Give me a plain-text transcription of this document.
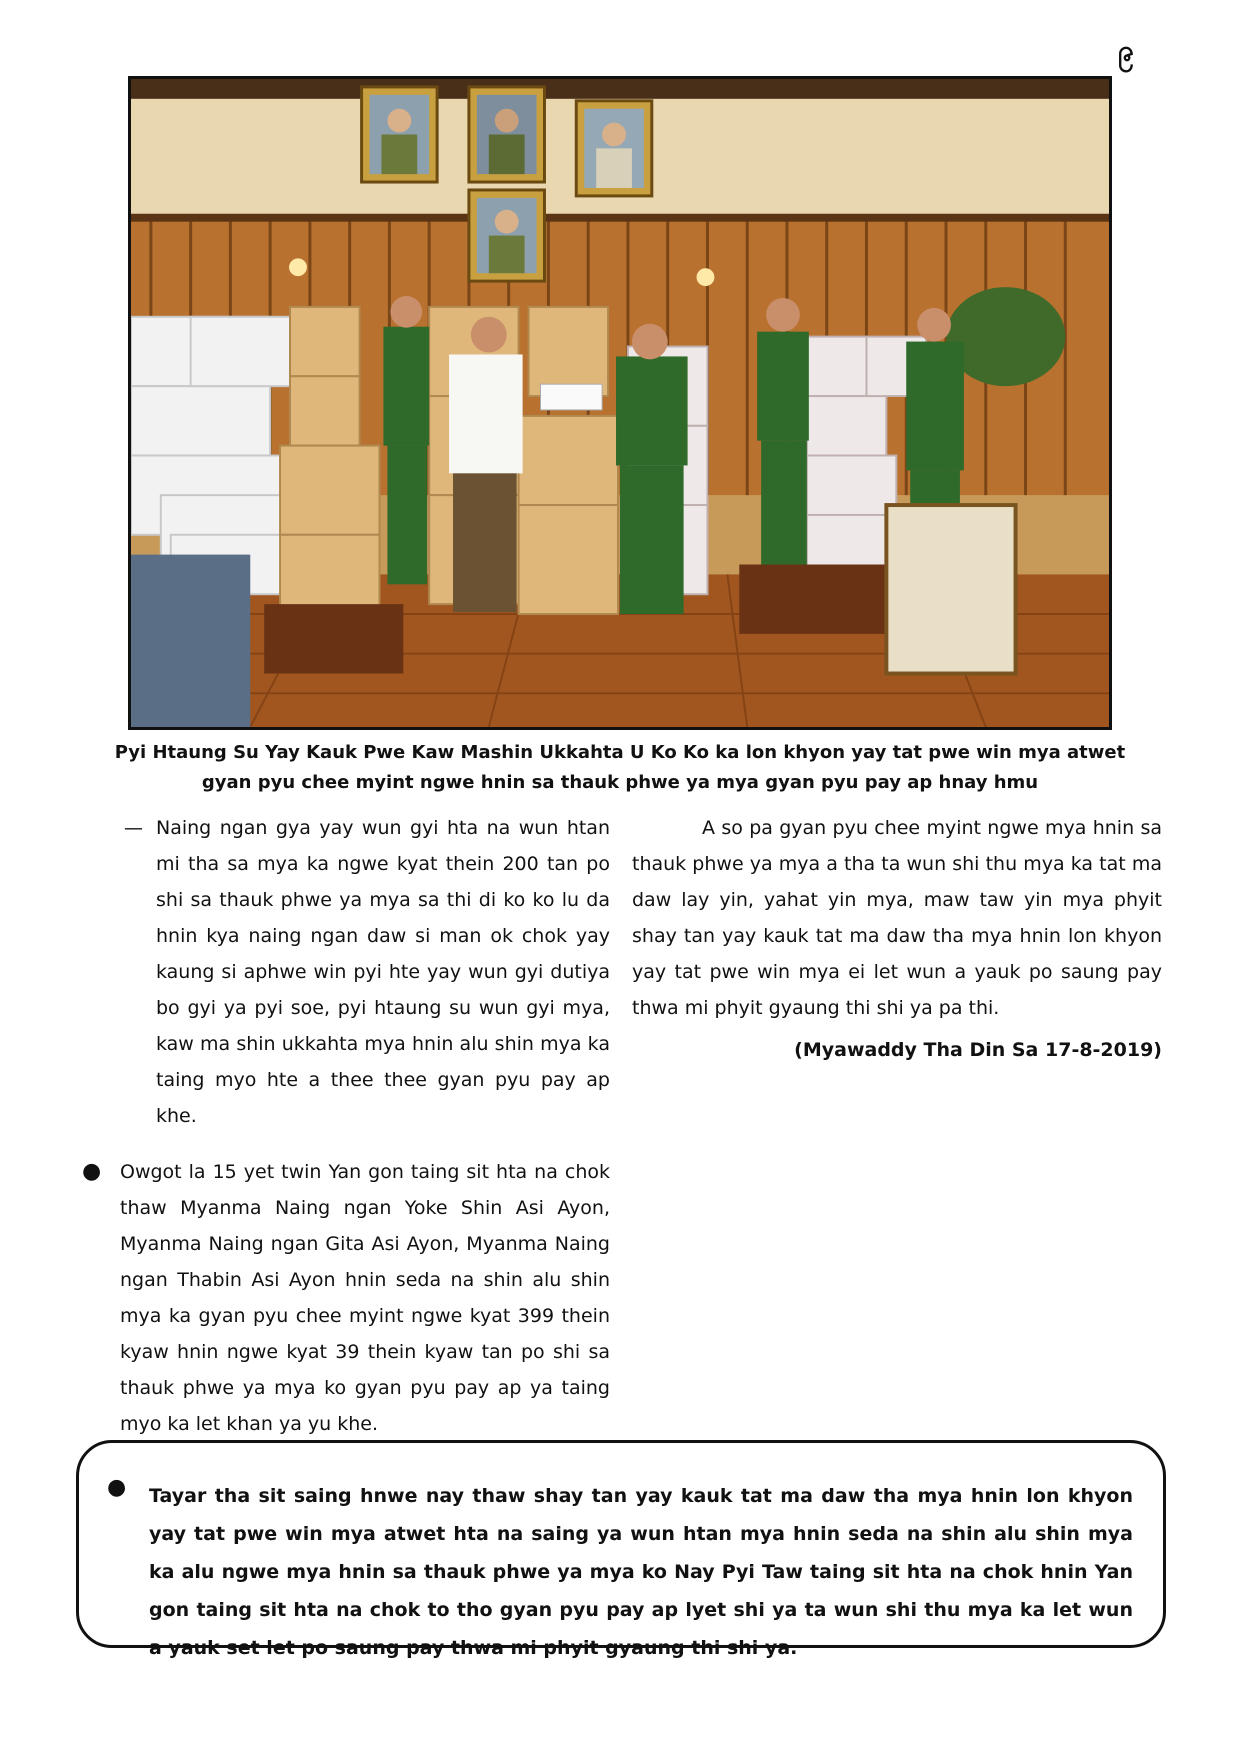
၉
Pyi Htaung Su Yay Kauk Pwe Kaw Mashin Ukkahta U Ko Ko ka lon khyon yay tat pwe win mya atwet gyan pyu chee myint ngwe hnin sa thauk phwe ya mya gyan pyu pay ap hnay hmu
— Naing ngan gya yay wun gyi hta na wun htan mi tha sa mya ka ngwe kyat thein 200 tan po shi sa thauk phwe ya mya sa thi di ko ko lu da hnin kya naing ngan daw si man ok chok yay kaung si aphwe win pyi hte yay wun gyi dutiya bo gyi ya pyi soe, pyi htaung su wun gyi mya, kaw ma shin ukkahta mya hnin alu shin mya ka taing myo hte a thee thee gyan pyu pay ap khe.

● Owgot la 15 yet twin Yan gon taing sit hta na chok thaw Myanma Naing ngan Yoke Shin Asi Ayon, Myanma Naing ngan Gita Asi Ayon, Myanma Naing ngan Thabin Asi Ayon hnin seda na shin alu shin mya ka gyan pyu chee myint ngwe kyat 399 thein kyaw hnin ngwe kyat 39 thein kyaw tan po shi sa thauk phwe ya mya ko gyan pyu pay ap ya taing myo ka let khan ya yu khe.

A so pa gyan pyu chee myint ngwe mya hnin sa thauk phwe ya mya a tha ta wun shi thu mya ka tat ma daw lay yin, yahat yin mya, maw taw yin mya phyit shay tan yay kauk tat ma daw tha mya hnin lon khyon yay tat pwe win mya ei let wun a yauk po saung pay thwa mi phyit gyaung thi shi ya pa thi.

(Myawaddy Tha Din Sa 17-8-2019)
● Tayar tha sit saing hnwe nay thaw shay tan yay kauk tat ma daw tha mya hnin lon khyon yay tat pwe win mya atwet hta na saing ya wun htan mya hnin seda na shin alu shin mya ka alu ngwe mya hnin sa thauk phwe ya mya ko Nay Pyi Taw taing sit hta na chok hnin Yan gon taing sit hta na chok to tho gyan pyu pay ap lyet shi ya ta wun shi thu mya ka let wun a yauk set let po saung pay thwa mi phyit gyaung thi shi ya.
